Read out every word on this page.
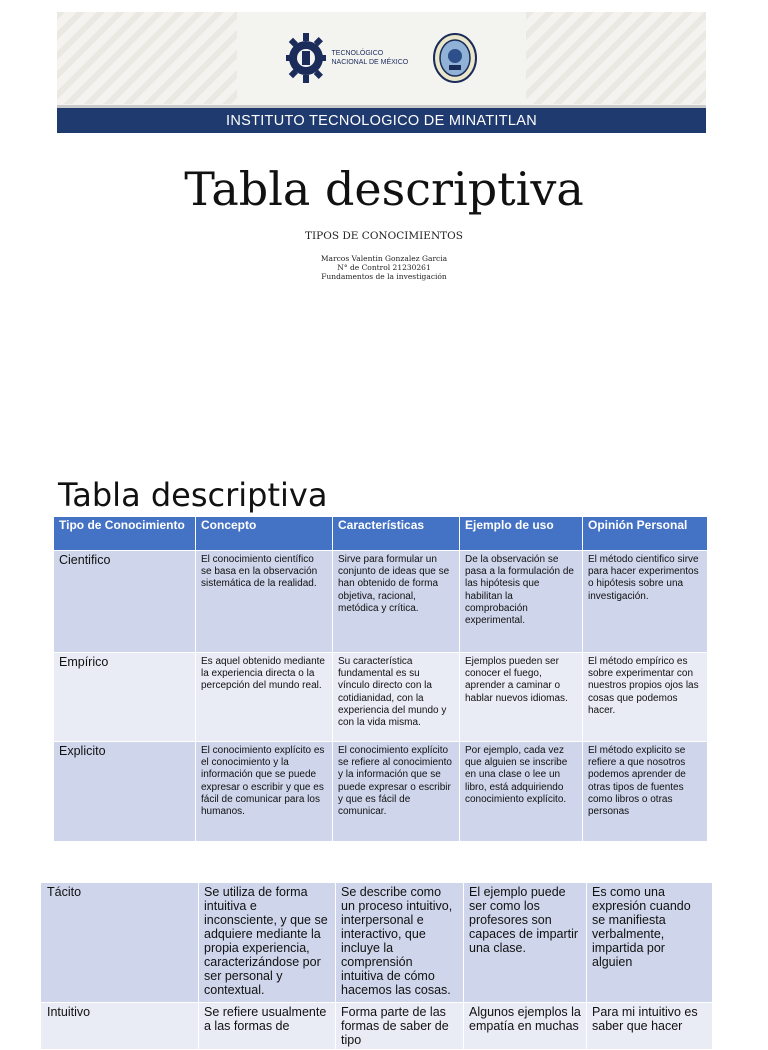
TECNOLÓGICO
NACIONAL DE MÉXICO
INSTITUTO TECNOLOGICO DE MINATITLAN
Tabla descriptiva
TIPOS DE CONOCIMIENTOS
Marcos Valentin Gonzalez Garcia
N° de Control 21230261
Fundamentos de la investigación
Tabla descriptiva
Tipo de Conocimiento	Concepto	Características	Ejemplo de uso	Opinión Personal
Cientifico	El conocimiento científico se basa en la observación sistemática de la realidad.	Sirve para formular un conjunto de ideas que se han obtenido de forma objetiva, racional, metódica y crítica.	De la observación se pasa a la formulación de las hipótesis que habilitan la comprobación experimental.	El método cientifico sirve para hacer experimentos o hipótesis sobre una investigación.
Empírico	Es aquel obtenido mediante la experiencia directa o la percepción del mundo real.	Su característica fundamental es su vínculo directo con la cotidianidad, con la experiencia del mundo y con la vida misma.	Ejemplos pueden ser conocer el fuego, aprender a caminar o hablar nuevos idiomas.	El método empírico es sobre experimentar con nuestros propios ojos las cosas que podemos hacer.
Explicito	El conocimiento explícito es el conocimiento y la información que se puede expresar o escribir y que es fácil de comunicar para los humanos.	El conocimiento explícito se refiere al conocimiento y la información que se puede expresar o escribir y que es fácil de comunicar.	Por ejemplo, cada vez que alguien se inscribe en una clase o lee un libro, está adquiriendo conocimiento explícito.	El método explicito se refiere a que nosotros podemos aprender de otras tipos de fuentes como libros o otras personas
Tácito	Se utiliza de forma intuitiva e inconsciente, y que se adquiere mediante la propia experiencia, caracterizándose por ser personal y contextual.	Se describe como un proceso intuitivo, interpersonal e interactivo, que incluye la comprensión intuitiva de cómo hacemos las cosas.	El ejemplo puede ser como los profesores son capaces de impartir una clase.	Es como una expresión cuando se manifiesta verbalmente, impartida por alguien
Intuitivo	Se refiere usualmente a las formas de	Forma parte de las formas de saber de tipo	Algunos ejemplos la empatía en muchas	Para mi intuitivo es saber que hacer
